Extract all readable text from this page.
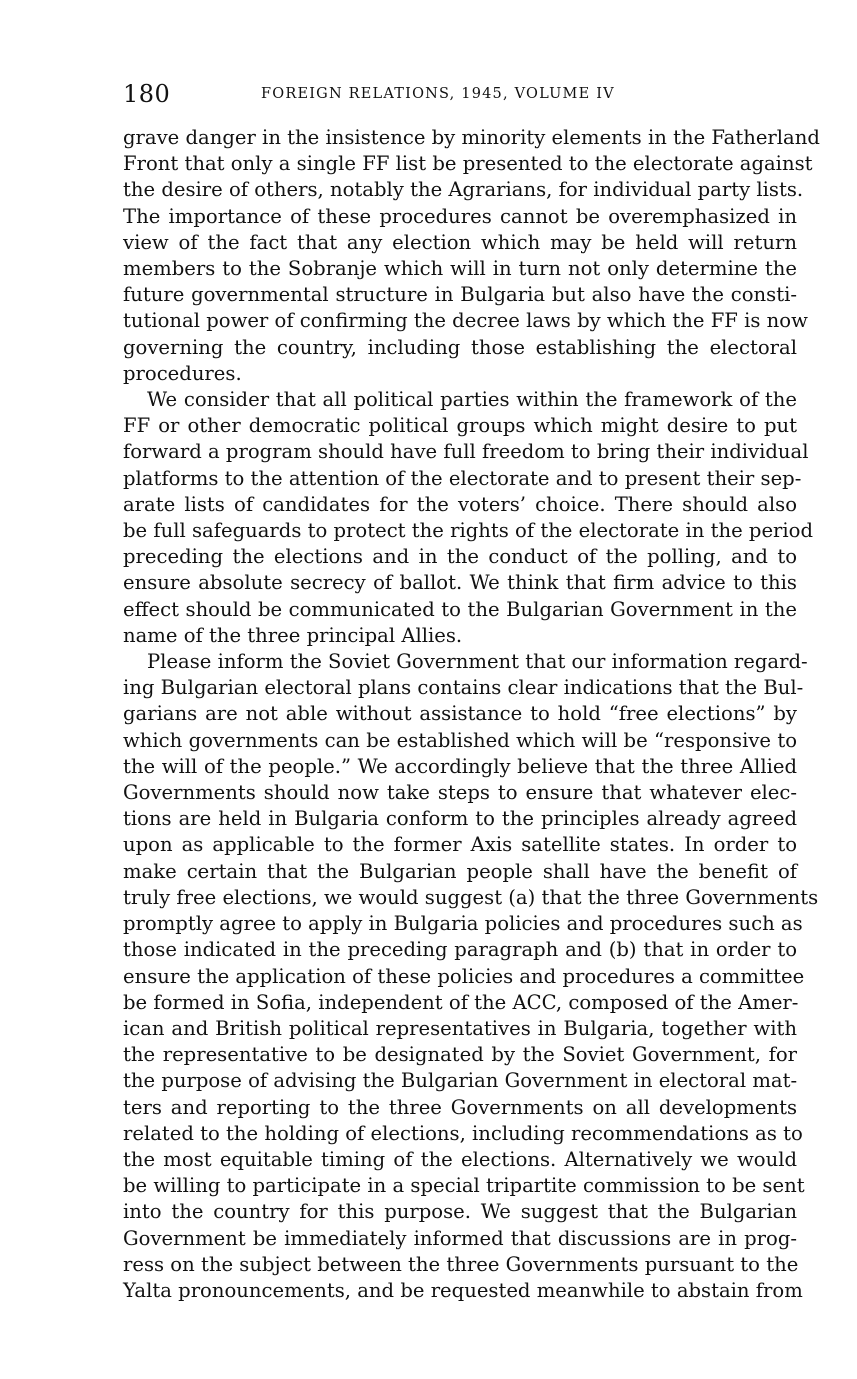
180	FOREIGN RELATIONS, 1945, VOLUME IV

grave danger in the insistence by minority elements in the Fatherland
Front that only a single FF list be presented to the electorate against
the desire of others, notably the Agrarians, for individual party lists.
The importance of these procedures cannot be overemphasized in
view of the fact that any election which may be held will return
members to the Sobranje which will in turn not only determine the
future governmental structure in Bulgaria but also have the consti-
tutional power of confirming the decree laws by which the FF is now
governing the country, including those establishing the electoral
procedures.

We consider that all political parties within the framework of the
FF or other democratic political groups which might desire to put
forward a program should have full freedom to bring their individual
platforms to the attention of the electorate and to present their sep-
arate lists of candidates for the voters’ choice. There should also
be full safeguards to protect the rights of the electorate in the period
preceding the elections and in the conduct of the polling, and to
ensure absolute secrecy of ballot. We think that firm advice to this
effect should be communicated to the Bulgarian Government in the
name of the three principal Allies.

Please inform the Soviet Government that our information regard-
ing Bulgarian electoral plans contains clear indications that the Bul-
garians are not able without assistance to hold “free elections” by
which governments can be established which will be “responsive to
the will of the people.” We accordingly believe that the three Allied
Governments should now take steps to ensure that whatever elec-
tions are held in Bulgaria conform to the principles already agreed
upon as applicable to the former Axis satellite states. In order to
make certain that the Bulgarian people shall have the benefit of
truly free elections, we would suggest (a) that the three Governments
promptly agree to apply in Bulgaria policies and procedures such as
those indicated in the preceding paragraph and (b) that in order to
ensure the application of these policies and procedures a committee
be formed in Sofia, independent of the ACC, composed of the Amer-
ican and British political representatives in Bulgaria, together with
the representative to be designated by the Soviet Government, for
the purpose of advising the Bulgarian Government in electoral mat-
ters and reporting to the three Governments on all developments
related to the holding of elections, including recommendations as to
the most equitable timing of the elections. Alternatively we would
be willing to participate in a special tripartite commission to be sent
into the country for this purpose. We suggest that the Bulgarian
Government be immediately informed that discussions are in prog-
ress on the subject between the three Governments pursuant to the
Yalta pronouncements, and be requested meanwhile to abstain from
